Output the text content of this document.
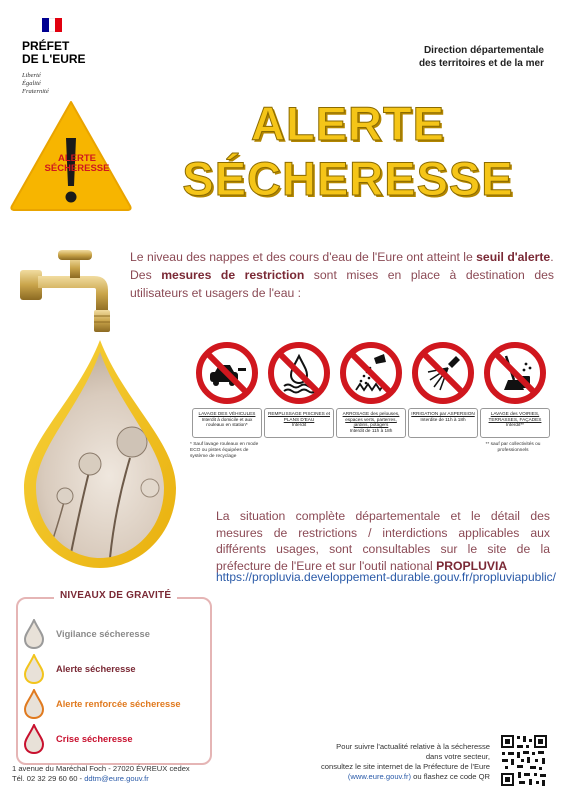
PRÉFET
DE L'EURE
Liberté
Égalité
Fraternité
Direction départementale
des territoires et de la mer
ALERTE
SÉCHERESSE
ALERTE
SÉCHERESSE

Le niveau des nappes et des cours d'eau de l'Eure ont atteint le seuil d'alerte.

Des mesures de restriction sont mises en place à destination des utilisateurs et usagers de l'eau :

LAVAGE DES VÉHICULES
Interdit à domicile et aux rouleaux en station*
* Sauf lavage rouleaux en mode ECO ou pistes équipées de système de recyclage
REMPLISSAGE PISCINES et PLANS D'EAU
Interdit
ARROSAGE des pelouses, espaces verts, parterres, jardins, potagers
Interdit de 11h à 18h
IRRIGATION par ASPERSION
Interdite de 11h à 18h
LAVAGE des VOIRIES, TERRASSES, FAÇADES
Interdit**
** sauf par collectivités ou professionnels
La situation complète départementale et le détail des mesures de restrictions / interdictions applicables aux différents usages, sont consultables sur le site de la préfecture de l'Eure et sur l'outil national PROPLUVIA
https://propluvia.developpement-durable.gouv.fr/propluviapublic/
NIVEAUX DE GRAVITÉ
Vigilance sécheresse
Alerte sécheresse
Alerte renforcée sécheresse
Crise sécheresse
1 avenue du Maréchal Foch - 27020 ÉVREUX cedex
Tél. 02 32 29 60 60 - ddtm@eure.gouv.fr
Pour suivre l'actualité relative à la sécheresse
dans votre secteur,
consultez le site internet de la Préfecture de l'Eure
(www.eure.gouv.fr) ou flashez ce code QR
